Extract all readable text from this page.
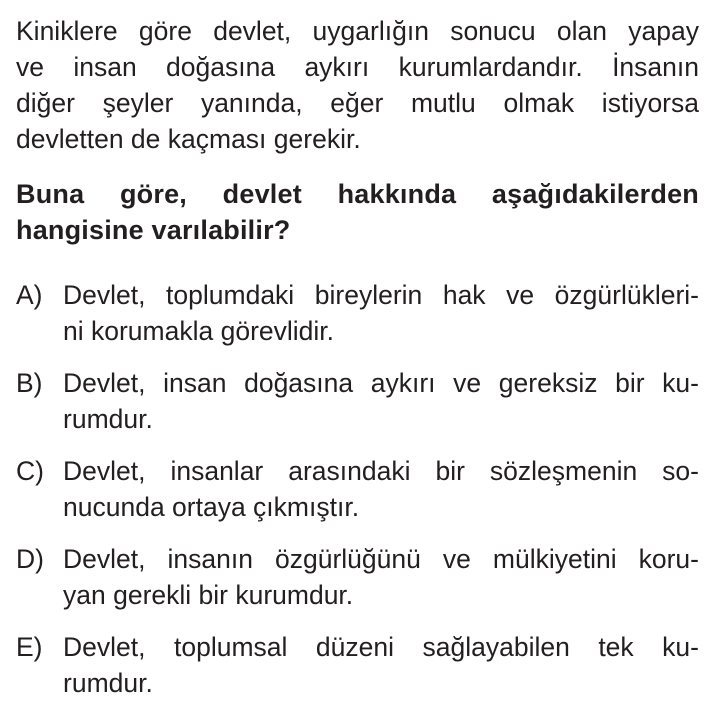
Kiniklere göre devlet, uygarlığın sonucu olan yapay
ve insan doğasına aykırı kurumlardandır. İnsanın
diğer şeyler yanında, eğer mutlu olmak istiyorsa
devletten de kaçması gerekir.
Buna göre, devlet hakkında aşağıdakilerden
hangisine varılabilir?
A) Devlet, toplumdaki bireylerin hak ve özgürlükleri-
ni korumakla görevlidir.
B) Devlet, insan doğasına aykırı ve gereksiz bir ku-
rumdur.
C) Devlet, insanlar arasındaki bir sözleşmenin so-
nucunda ortaya çıkmıştır.
D) Devlet, insanın özgürlüğünü ve mülkiyetini koru-
yan gerekli bir kurumdur.
E) Devlet, toplumsal düzeni sağlayabilen tek ku-
rumdur.
